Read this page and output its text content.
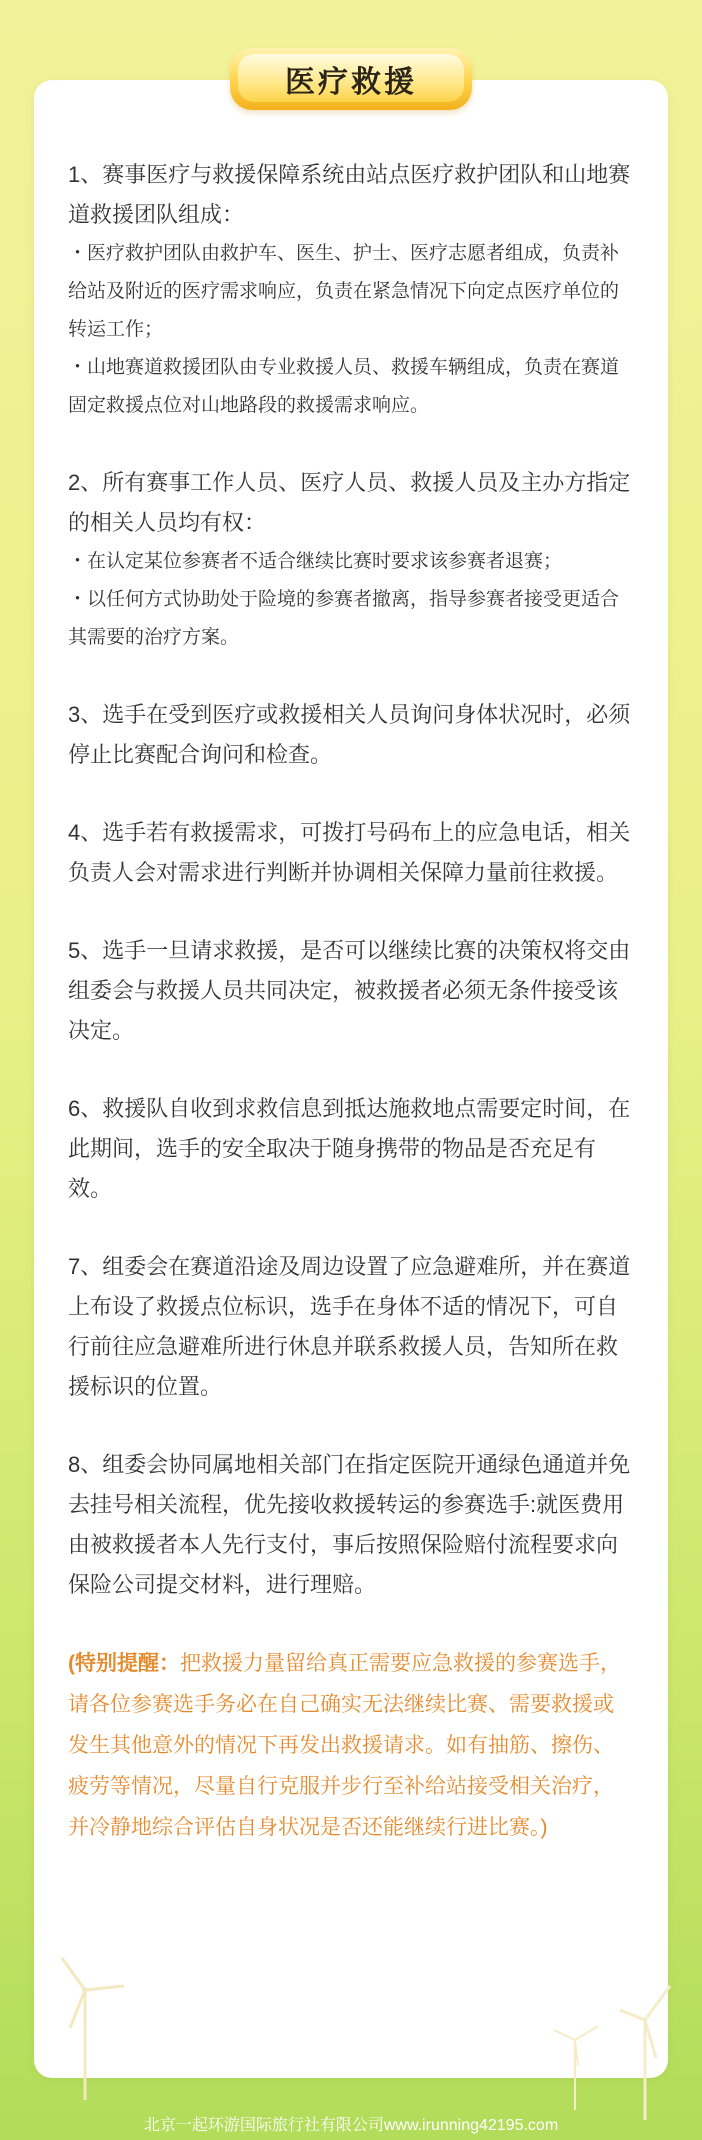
医疗救援
1、赛事医疗与救援保障系统由站点医疗救护团队和山地赛道救援团队组成：
・医疗救护团队由救护车、医生、护士、医疗志愿者组成，负责补给站及附近的医疗需求响应，负责在紧急情况下向定点医疗单位的转运工作；
・山地赛道救援团队由专业救援人员、救援车辆组成，负责在赛道固定救援点位对山地路段的救援需求响应。
2、所有赛事工作人员、医疗人员、救援人员及主办方指定的相关人员均有权：
・在认定某位参赛者不适合继续比赛时要求该参赛者退赛；
・以任何方式协助处于险境的参赛者撤离，指导参赛者接受更适合其需要的治疗方案。
3、选手在受到医疗或救援相关人员询问身体状况时，必须停止比赛配合询问和检查。
4、选手若有救援需求，可拨打号码布上的应急电话，相关负责人会对需求进行判断并协调相关保障力量前往救援。
5、选手一旦请求救援，是否可以继续比赛的决策权将交由组委会与救援人员共同决定，被救援者必须无条件接受该决定。
6、救援队自收到求救信息到抵达施救地点需要定时间，在此期间，选手的安全取决于随身携带的物品是否充足有效。
7、组委会在赛道沿途及周边设置了应急避难所，并在赛道上布设了救援点位标识，选手在身体不适的情况下，可自行前往应急避难所进行休息并联系救援人员，告知所在救援标识的位置。
8、组委会协同属地相关部门在指定医院开通绿色通道并免去挂号相关流程，优先接收救援转运的参赛选手:就医费用由被救援者本人先行支付，事后按照保险赔付流程要求向保险公司提交材料，进行理赔。
(特别提醒：把救援力量留给真正需要应急救援的参赛选手，请各位参赛选手务必在自己确实无法继续比赛、需要救援或发生其他意外的情况下再发出救援请求。如有抽筋、擦伤、疲劳等情况，尽量自行克服并步行至补给站接受相关治疗，并冷静地综合评估自身状况是否还能继续行进比赛。)
北京一起环游国际旅行社有限公司www.irunning42195.com
